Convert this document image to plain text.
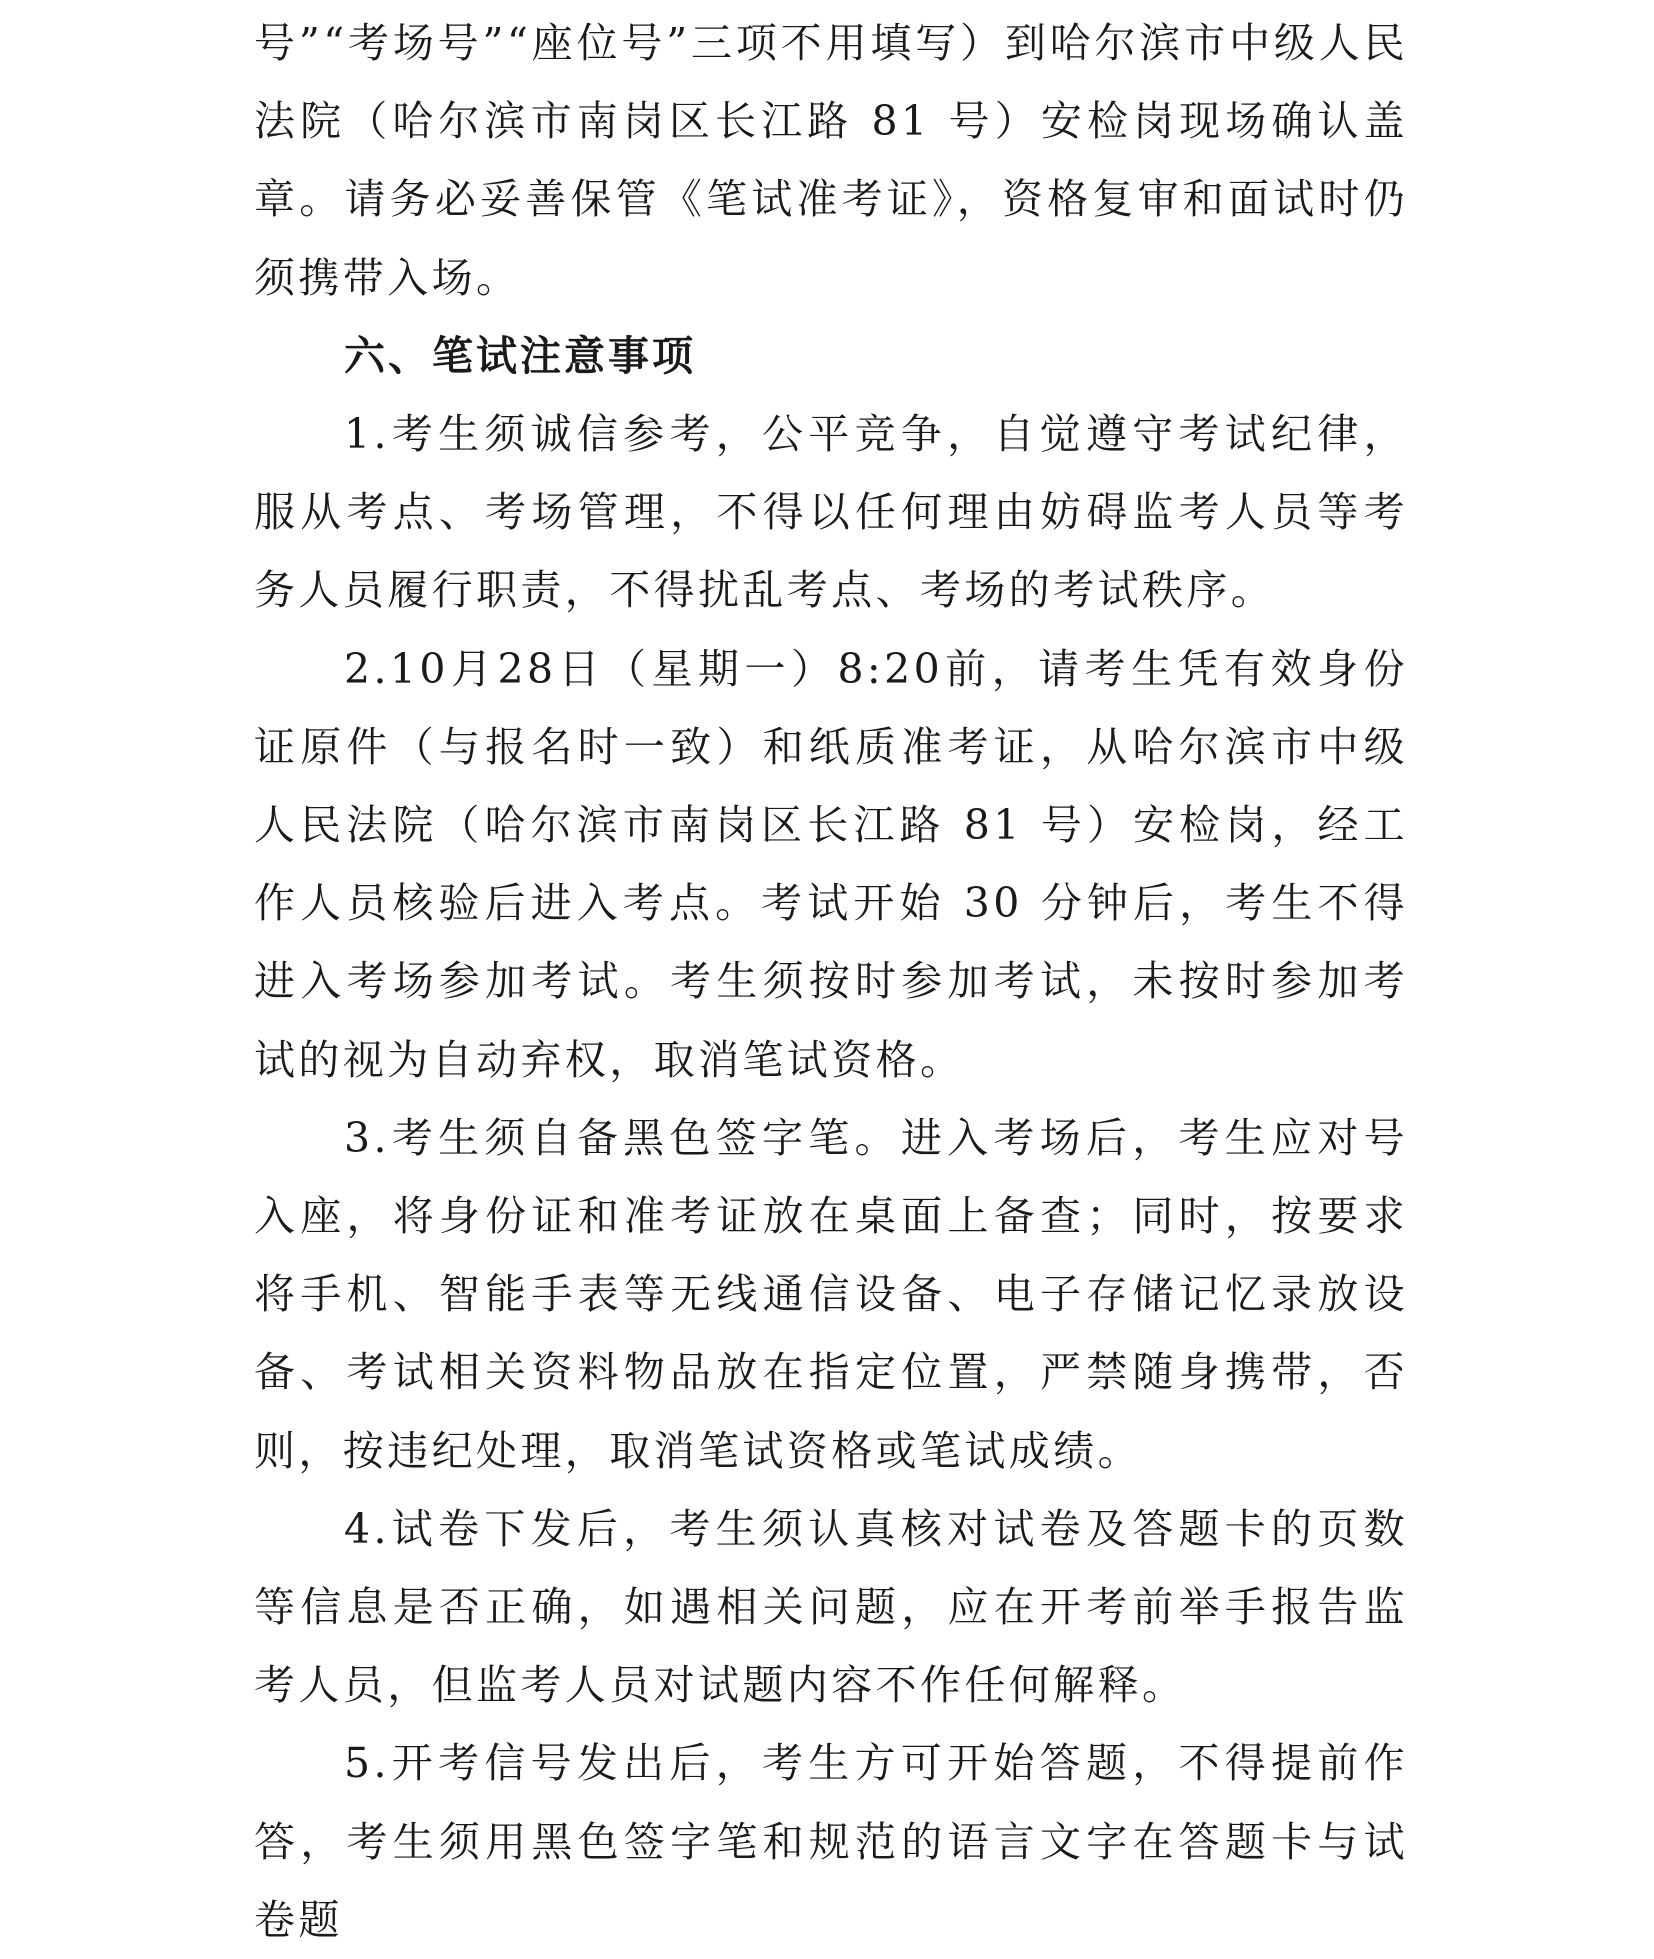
号”“考场号”“座位号”三项不用填写）到哈尔滨市中级人民法院（哈尔滨市南岗区长江路 81 号）安检岗现场确认盖章。请务必妥善保管《笔试准考证》，资格复审和面试时仍须携带入场。

六、笔试注意事项

1.考生须诚信参考，公平竞争，自觉遵守考试纪律，服从考点、考场管理，不得以任何理由妨碍监考人员等考务人员履行职责，不得扰乱考点、考场的考试秩序。

2.10月28日（星期一）8:20前，请考生凭有效身份证原件（与报名时一致）和纸质准考证，从哈尔滨市中级人民法院（哈尔滨市南岗区长江路 81 号）安检岗，经工作人员核验后进入考点。考试开始 30 分钟后，考生不得进入考场参加考试。考生须按时参加考试，未按时参加考试的视为自动弃权，取消笔试资格。

3.考生须自备黑色签字笔。进入考场后，考生应对号入座，将身份证和准考证放在桌面上备查；同时，按要求将手机、智能手表等无线通信设备、电子存储记忆录放设备、考试相关资料物品放在指定位置，严禁随身携带，否则，按违纪处理，取消笔试资格或笔试成绩。

4.试卷下发后，考生须认真核对试卷及答题卡的页数等信息是否正确，如遇相关问题，应在开考前举手报告监考人员，但监考人员对试题内容不作任何解释。

5.开考信号发出后，考生方可开始答题，不得提前作答，考生须用黑色签字笔和规范的语言文字在答题卡与试卷题
